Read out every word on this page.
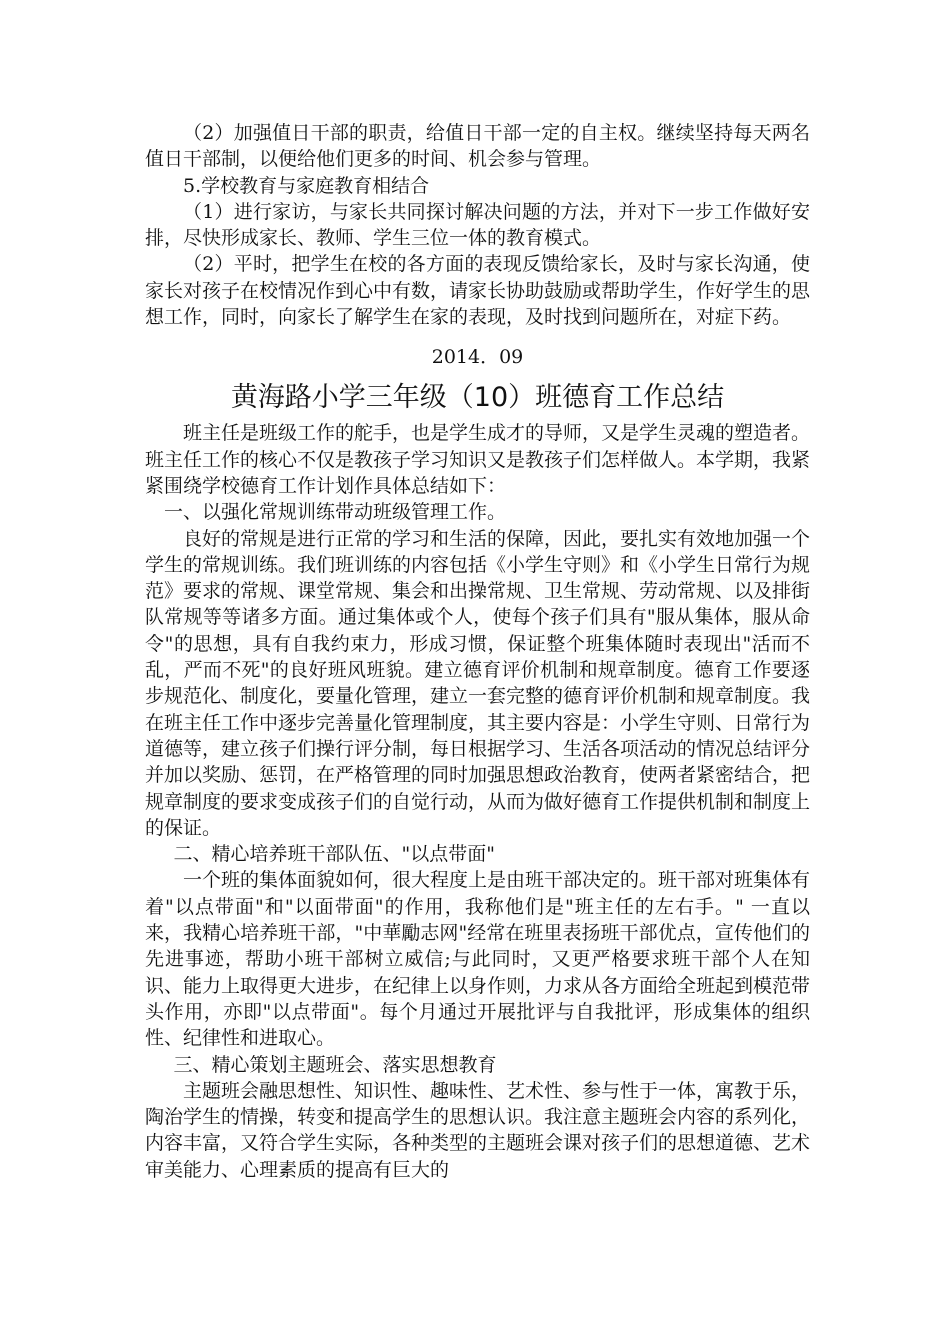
（2）加强值日干部的职责，给值日干部一定的自主权。继续坚持每天两名值日干部制，以便给他们更多的时间、机会参与管理。

5.学校教育与家庭教育相结合

（1）进行家访，与家长共同探讨解决问题的方法，并对下一步工作做好安排，尽快形成家长、教师、学生三位一体的教育模式。

（2）平时，把学生在校的各方面的表现反馈给家长，及时与家长沟通，使家长对孩子在校情况作到心中有数，请家长协助鼓励或帮助学生，作好学生的思想工作，同时，向家长了解学生在家的表现，及时找到问题所在，对症下药。

2014．09
黄海路小学三年级（10）班德育工作总结

班主任是班级工作的舵手，也是学生成才的导师，又是学生灵魂的塑造者。班主任工作的核心不仅是教孩子学习知识又是教孩子们怎样做人。本学期，我紧紧围绕学校德育工作计划作具体总结如下：

一、以强化常规训练带动班级管理工作。

良好的常规是进行正常的学习和生活的保障，因此，要扎实有效地加强一个学生的常规训练。我们班训练的内容包括《小学生守则》和《小学生日常行为规范》要求的常规、课堂常规、集会和出操常规、卫生常规、劳动常规、以及排街队常规等等诸多方面。通过集体或个人，使每个孩子们具有"服从集体，服从命令"的思想，具有自我约束力，形成习惯，保证整个班集体随时表现出"活而不乱，严而不死"的良好班风班貌。建立德育评价机制和规章制度。德育工作要逐步规范化、制度化，要量化管理，建立一套完整的德育评价机制和规章制度。我在班主任工作中逐步完善量化管理制度，其主要内容是：小学生守则、日常行为道德等，建立孩子们操行评分制，每日根据学习、生活各项活动的情况总结评分并加以奖励、惩罚，在严格管理的同时加强思想政治教育，使两者紧密结合，把规章制度的要求变成孩子们的自觉行动，从而为做好德育工作提供机制和制度上的保证。

二、精心培养班干部队伍、"以点带面"

一个班的集体面貌如何，很大程度上是由班干部决定的。班干部对班集体有着"以点带面"和"以面带面"的作用，我称他们是"班主任的左右手。" 一直以来，我精心培养班干部，"中華勵志网"经常在班里表扬班干部优点，宣传他们的先进事迹，帮助小班干部树立威信;与此同时，又更严格要求班干部个人在知识、能力上取得更大进步，在纪律上以身作则，力求从各方面给全班起到模范带头作用，亦即"以点带面"。每个月通过开展批评与自我批评，形成集体的组织性、纪律性和进取心。

三、精心策划主题班会、落实思想教育

主题班会融思想性、知识性、趣味性、艺术性、参与性于一体，寓教于乐，陶治学生的情操，转变和提高学生的思想认识。我注意主题班会内容的系列化，内容丰富，又符合学生实际，各种类型的主题班会课对孩子们的思想道德、艺术审美能力、心理素质的提高有巨大的
